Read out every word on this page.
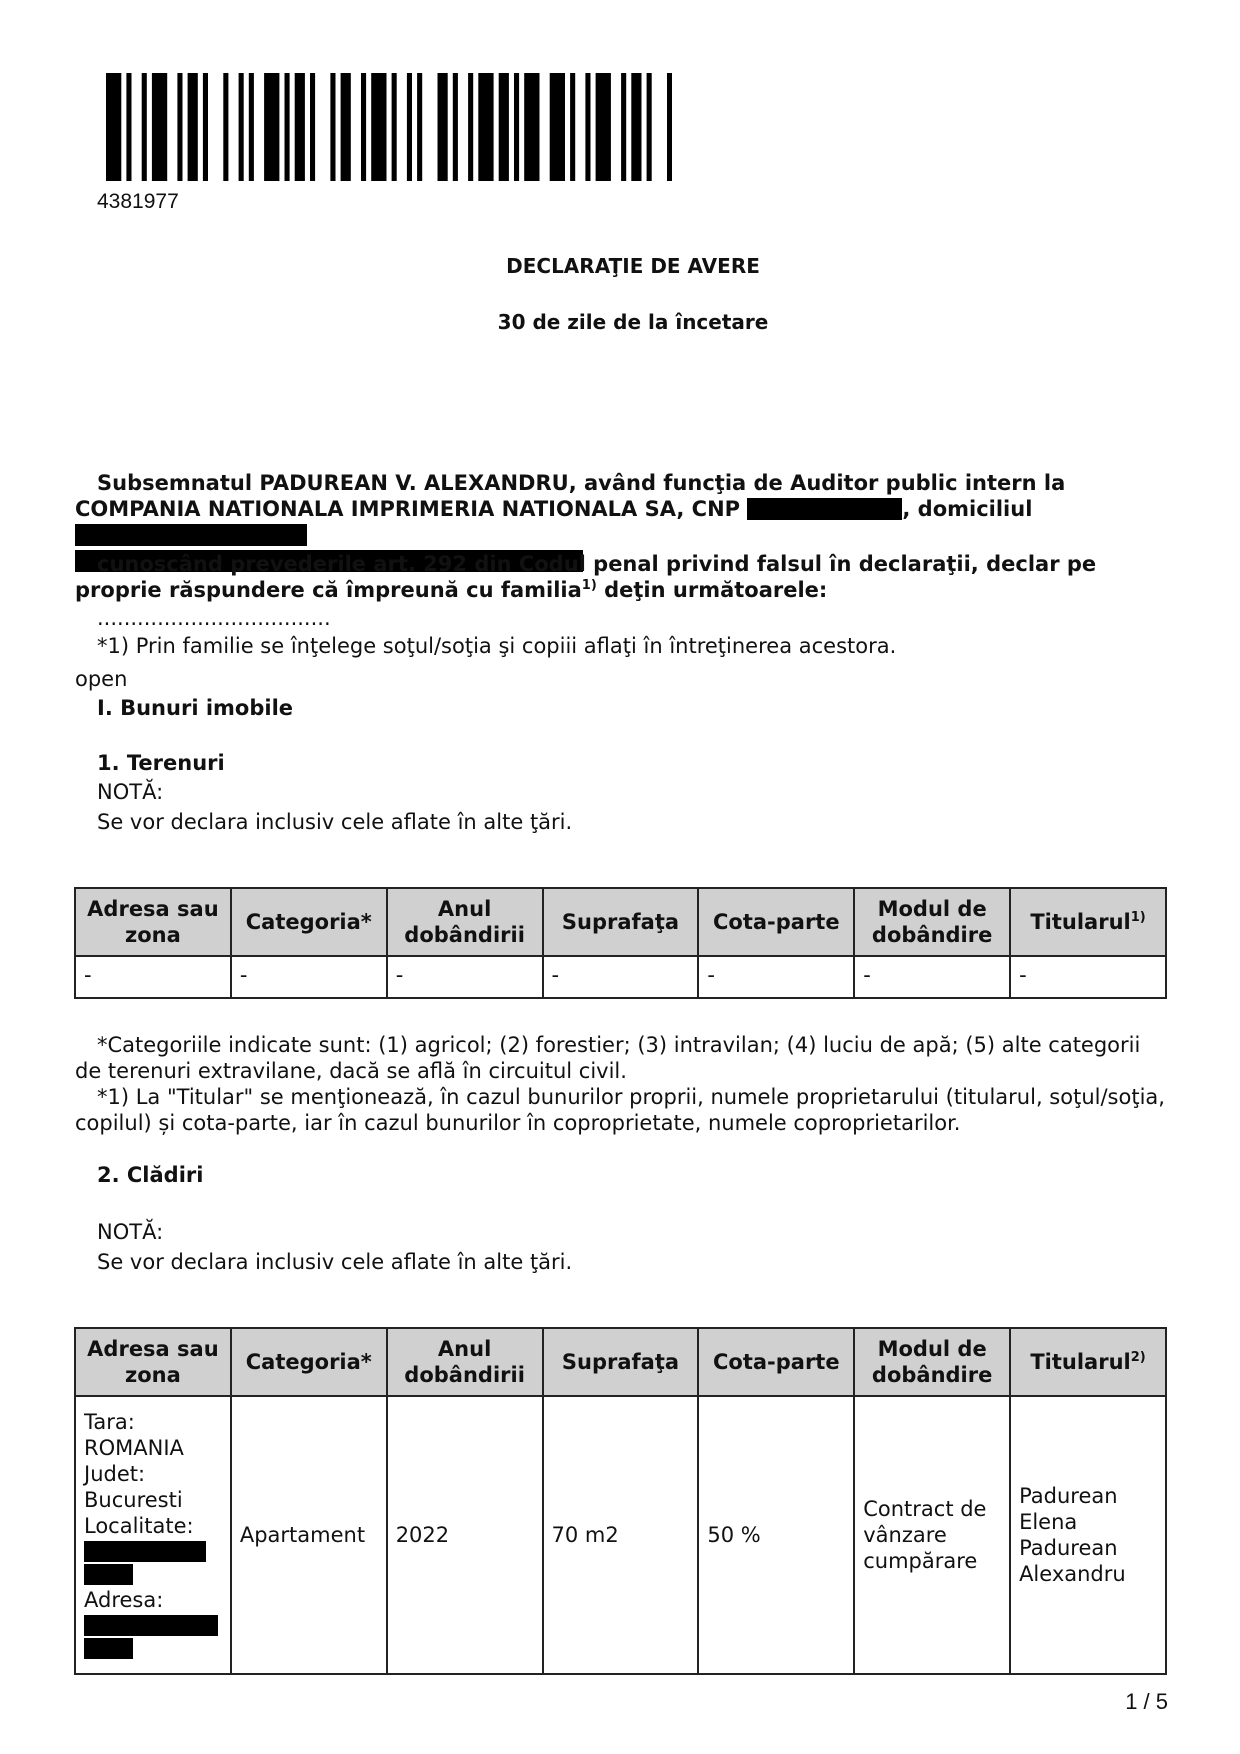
4381977
DECLARAŢIE DE AVERE
30 de zile de la încetare
Subsemnatul PADUREAN V. ALEXANDRU, având funcţia de Auditor public intern la COMPANIA NATIONALA IMPRIMERIA NATIONALA SA, CNP	, domiciliul

cunoscând prevederile art. 292 din Codul penal privind falsul în declaraţii, declar pe proprie răspundere că împreună cu familia$^{1)}$ deţin următoarele:
...................................
*1) Prin familie se înţelege soţul/soţia şi copiii aflaţi în întreţinerea acestora.
open
I. Bunuri imobile
1. Terenuri
NOTĂ:
Se vor declara inclusiv cele aflate în alte ţări.
Adresa sau zona	Categoria*	Anul dobândirii	Suprafaţa	Cota-parte	Modul de dobândire	Titularul$^{1)}$
-	-	-	-	-	-	-
*Categoriile indicate sunt: (1) agricol; (2) forestier; (3) intravilan; (4) luciu de apă; (5) alte categorii de terenuri extravilane, dacă se află în circuitul civil.
*1) La "Titular" se menţionează, în cazul bunurilor proprii, numele proprietarului (titularul, soţul/soţia, copilul) și cota-parte, iar în cazul bunurilor în coproprietate, numele coproprietarilor.
2. Clădiri
NOTĂ:
Se vor declara inclusiv cele aflate în alte ţări.
Adresa sau zona	Categoria*	Anul dobândirii	Suprafaţa	Cota-parte	Modul de dobândire	Titularul$^{2)}$

Tara: ROMANIA
Judet: Bucuresti
Localitate:
Adresa:	Apartament	2022	70 m2	50 %	Contract de vânzare cumpărare	Padurean Elena Padurean Alexandru
1 / 5
